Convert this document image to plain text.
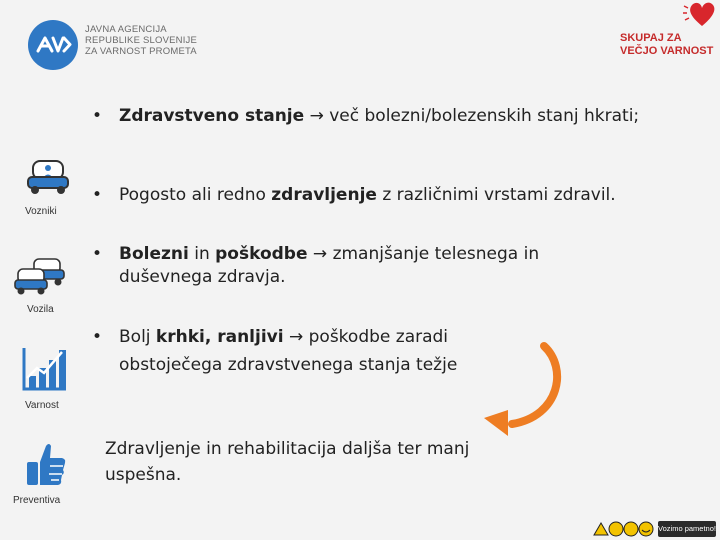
JAVNA AGENCIJA
REPUBLIKE SLOVENIJE
ZA VARNOST PROMETA
SKUPAJ ZA
VEČJO VARNOST
Vozniki
Vozila
Varnost
Preventiva
• Zdravstveno stanje → več bolezni/bolezenskih stanj hkrati;
• Pogosto ali redno zdravljenje z različnimi vrstami zdravil.
• Bolezni in poškodbe → zmanjšanje telesnega in duševnega zdravja.
• Bolj krhki, ranljivi → poškodbe zaradi obstoječega zdravstvenega stanja težje
Zdravljenje in rehabilitacija daljša ter manj uspešna.
Vozimo pametno!
